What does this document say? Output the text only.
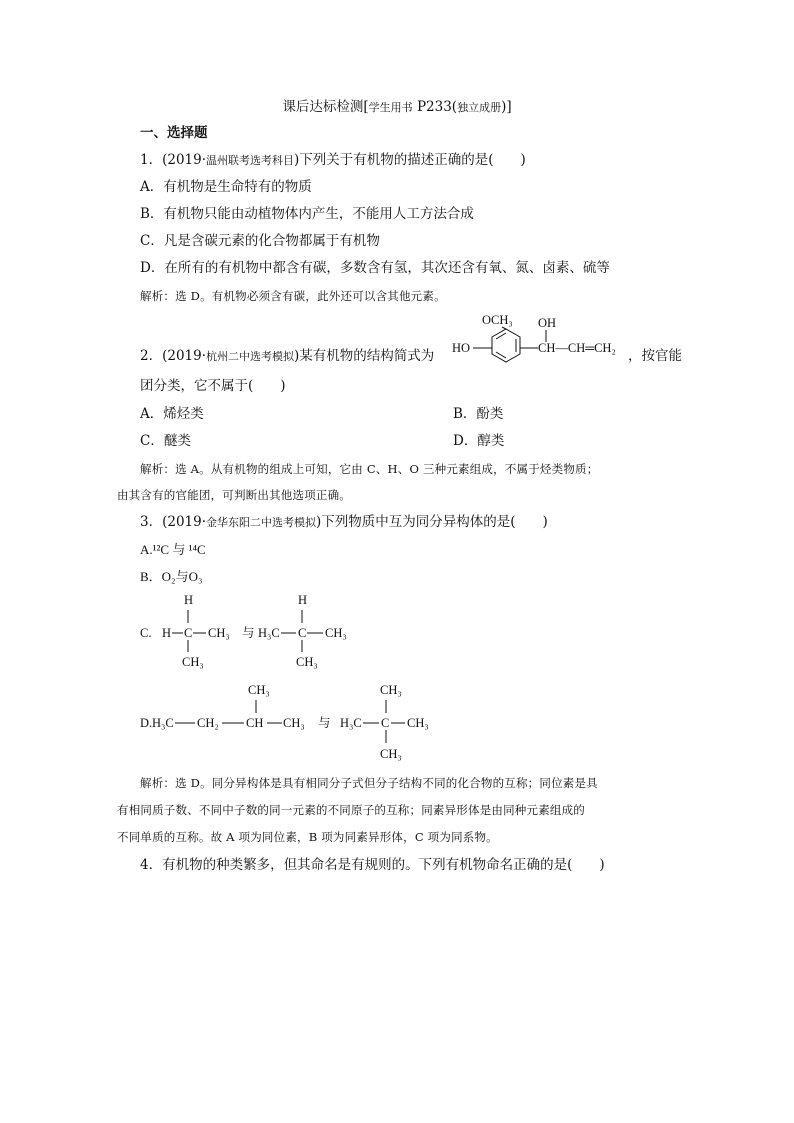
课后达标检测[学生用书 P233(独立成册)]
一、选择题
1．(2019·温州联考选考科目)下列关于有机物的描述正确的是(　　)
A．有机物是生命特有的物质
B．有机物只能由动植物体内产生，不能用人工方法合成
C．凡是含碳元素的化合物都属于有机物
D．在所有的有机物中都含有碳，多数含有氢，其次还含有氧、氮、卤素、硫等
解析：选 D。有机物必须含有碳，此外还可以含其他元素。
2．(2019·杭州二中选考模拟)某有机物的结构简式为
OCH₃ OH
HO	CH—CH═CH₂ ，按官能
团分类，它不属于(　　)
A．烯烃类	B．酚类
C．醚类	D．醇类
解析：选 A。从有机物的组成上可知，它由 C、H、O 三种元素组成，不属于烃类物质；
由其含有的官能团，可判断出其他选项正确。
3．(2019·金华东阳二中选考模拟)下列物质中互为同分异构体的是(　　)
A.¹²C 与 ¹⁴C
B．O₂与O₃
C. H C
H
CH₃
CH₃ 与 H₃C C
H
CH₃
CH₃
D. H₃C CH₂ CH
CH₃
CH₃ 与 H₃C C
CH₃
CH₃
CH₃
解析：选 D。同分异构体是具有相同分子式但分子结构不同的化合物的互称；同位素是具
有相同质子数、不同中子数的同一元素的不同原子的互称；同素异形体是由同种元素组成的
不同单质的互称。故 A 项为同位素，B 项为同素异形体，C 项为同系物。
4．有机物的种类繁多，但其命名是有规则的。下列有机物命名正确的是(　　)
